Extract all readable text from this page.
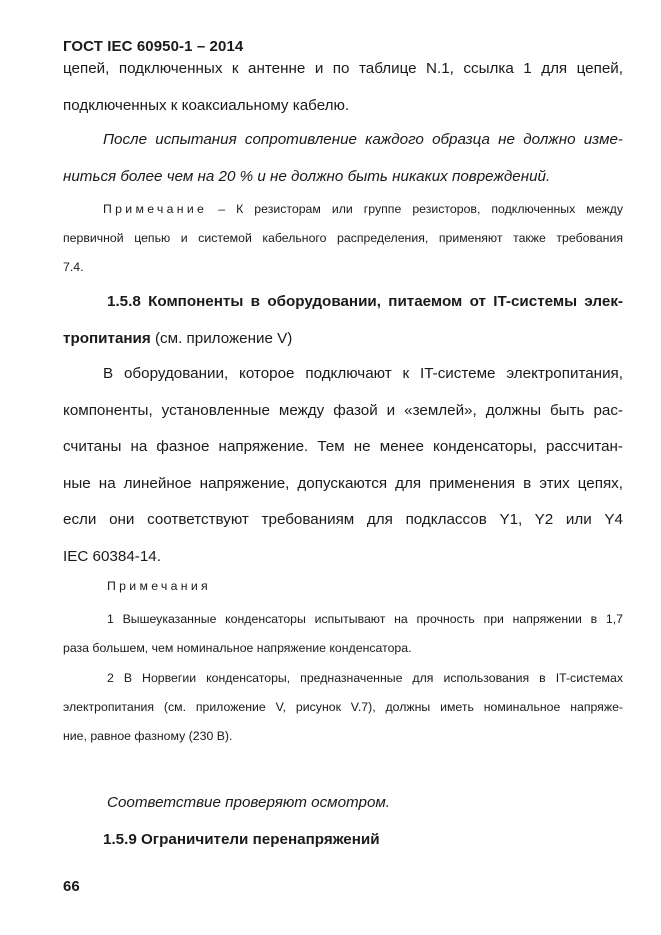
ГОСТ IEC 60950-1 – 2014
цепей, подключенных к антенне и по таблице N.1, ссылка 1 для цепей,
подключенных к коаксиальному кабелю.
После испытания сопротивление каждого образца не должно изме-
ниться более чем на 20 % и не должно быть никаких повреждений.
Примечание – К резисторам или группе резисторов, подключенных между
первичной цепью и системой кабельного распределения, применяют также требования
7.4.
1.5.8 Компоненты в оборудовании, питаемом от IT-системы элек-
тропитания (см. приложение V)
В оборудовании, которое подключают к IT-системе электропитания,
компоненты, установленные между фазой и «землей», должны быть рас-
считаны на фазное напряжение. Тем не менее конденсаторы, рассчитан-
ные на линейное напряжение, допускаются для применения в этих цепях,
если они соответствуют требованиям для подклассов Y1, Y2 или Y4
IEC 60384-14.
Примечания
1 Вышеуказанные конденсаторы испытывают на прочность при напряжении в 1,7
раза большем, чем номинальное напряжение конденсатора.
2 В Норвегии конденсаторы, предназначенные для использования в IT-системах
электропитания (см. приложение V, рисунок V.7), должны иметь номинальное напряже-
ние, равное фазному (230 В).
Соответствие проверяют осмотром.
1.5.9 Ограничители перенапряжений
66
